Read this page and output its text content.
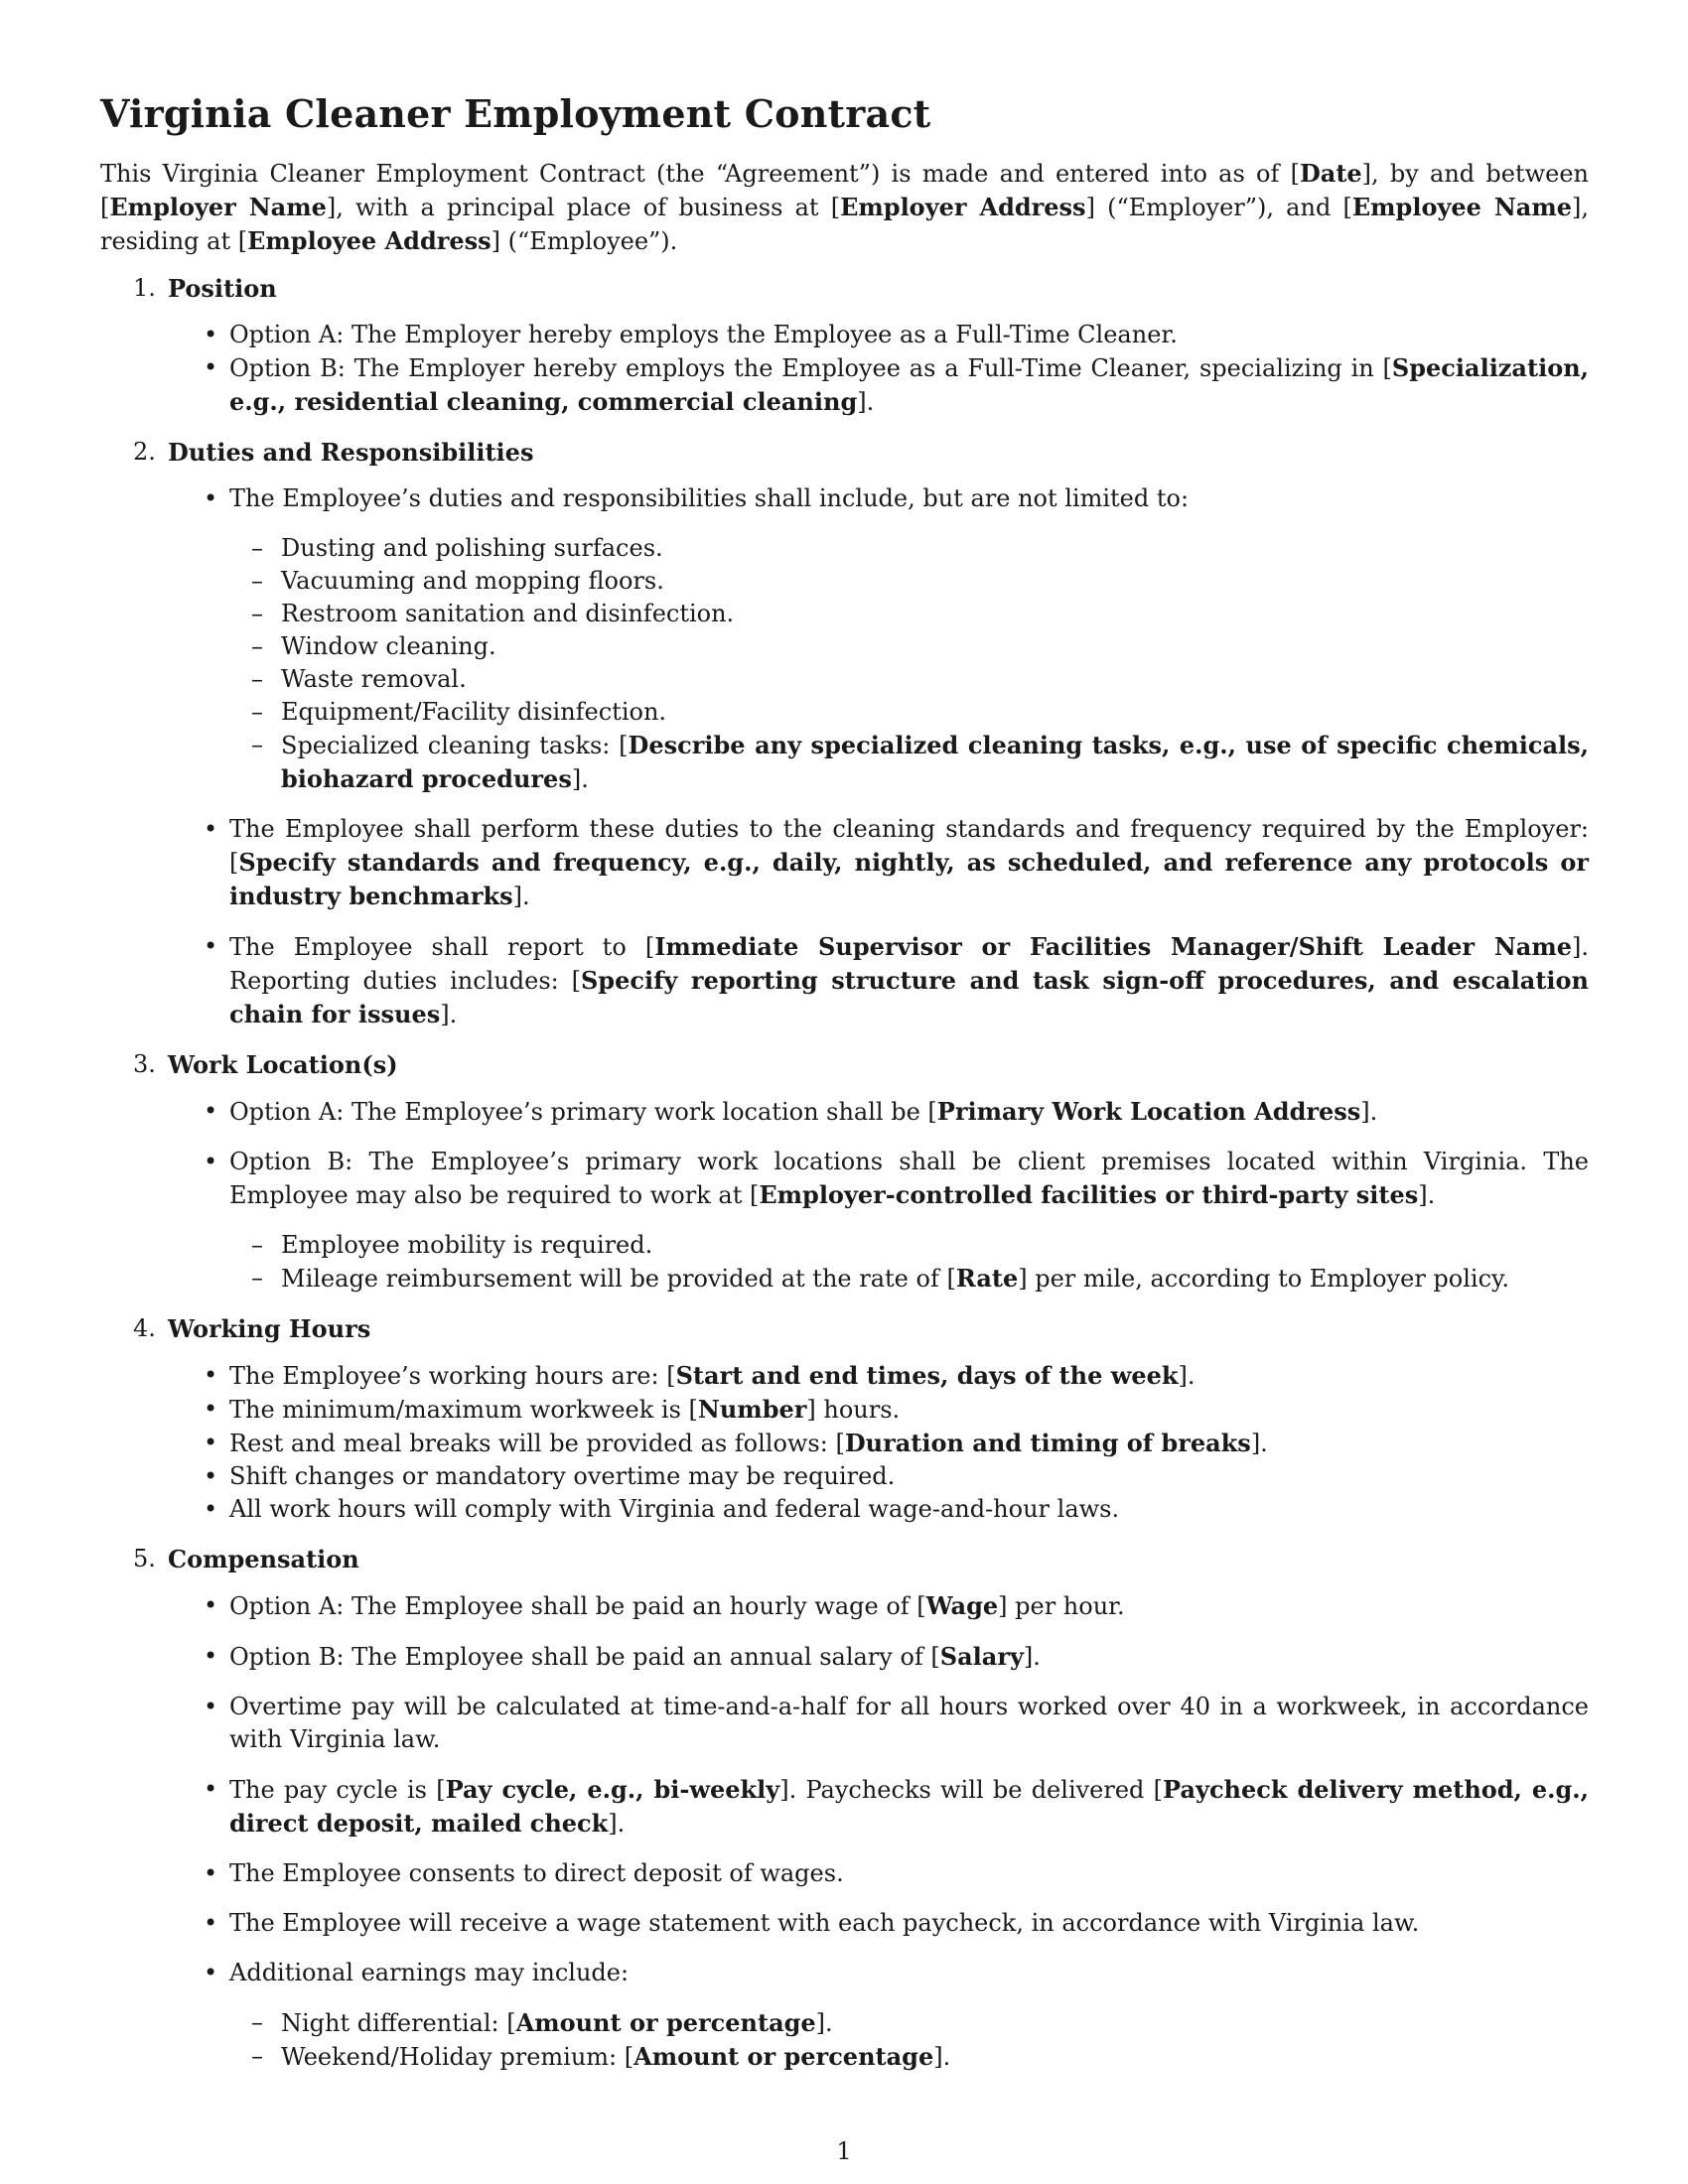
Virginia Cleaner Employment Contract

This Virginia Cleaner Employment Contract (the “Agreement”) is made and entered into as of [Date], by and between [Employer Name], with a principal place of business at [Employer Address] (“Employer”), and [Employee Name], residing at [Employee Address] (“Employee”).

1. Position
• Option A: The Employer hereby employs the Employee as a Full-Time Cleaner.
• Option B: The Employer hereby employs the Employee as a Full-Time Cleaner, specializing in [Specialization, e.g., residential cleaning, commercial cleaning].
2. Duties and Responsibilities
• The Employee’s duties and responsibilities shall include, but are not limited to:
– Dusting and polishing surfaces.
– Vacuuming and mopping floors.
– Restroom sanitation and disinfection.
– Window cleaning.
– Waste removal.
– Equipment/Facility disinfection.
– Specialized cleaning tasks: [Describe any specialized cleaning tasks, e.g., use of specific chemicals, biohazard procedures].
• The Employee shall perform these duties to the cleaning standards and frequency required by the Employer: [Specify standards and frequency, e.g., daily, nightly, as scheduled, and reference any protocols or industry benchmarks].
• The Employee shall report to [Immediate Supervisor or Facilities Manager/Shift Leader Name]. Reporting duties includes: [Specify reporting structure and task sign-off procedures, and escalation chain for issues].
3. Work Location(s)
• Option A: The Employee’s primary work location shall be [Primary Work Location Address].
• Option B: The Employee’s primary work locations shall be client premises located within Virginia. The Employee may also be required to work at [Employer-controlled facilities or third-party sites].
– Employee mobility is required.
– Mileage reimbursement will be provided at the rate of [Rate] per mile, according to Employer policy.
4. Working Hours
• The Employee’s working hours are: [Start and end times, days of the week].
• The minimum/maximum workweek is [Number] hours.
• Rest and meal breaks will be provided as follows: [Duration and timing of breaks].
• Shift changes or mandatory overtime may be required.
• All work hours will comply with Virginia and federal wage-and-hour laws.
5. Compensation
• Option A: The Employee shall be paid an hourly wage of [Wage] per hour.
• Option B: The Employee shall be paid an annual salary of [Salary].
• Overtime pay will be calculated at time-and-a-half for all hours worked over 40 in a workweek, in accordance with Virginia law.
• The pay cycle is [Pay cycle, e.g., bi-weekly]. Paychecks will be delivered [Paycheck delivery method, e.g., direct deposit, mailed check].
• The Employee consents to direct deposit of wages.
• The Employee will receive a wage statement with each paycheck, in accordance with Virginia law.
• Additional earnings may include:
– Night differential: [Amount or percentage].
– Weekend/Holiday premium: [Amount or percentage].
1
